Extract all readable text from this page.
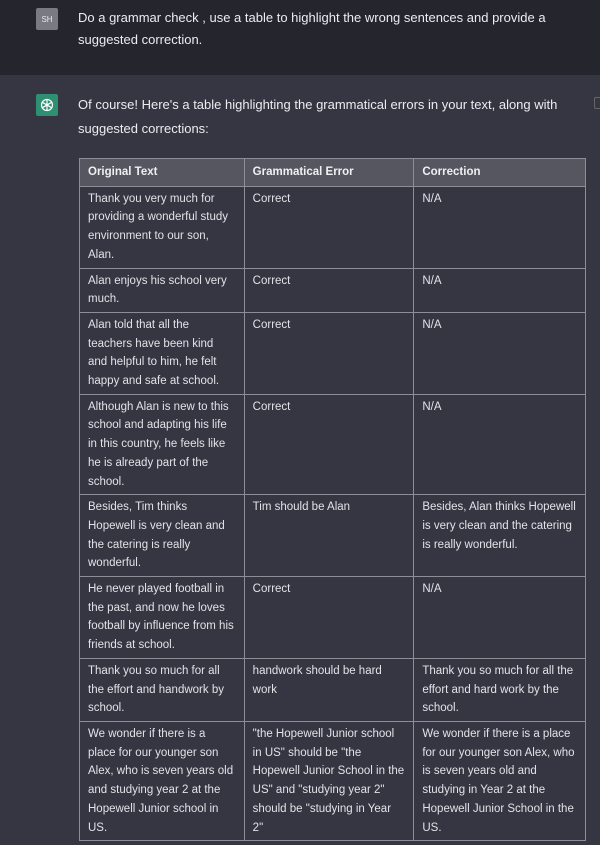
SH	Do a grammar check , use a table to highlight the wrong sentences and provide a suggested correction.
Of course! Here's a table highlighting the grammatical errors in your text, along with suggested corrections:
Original Text	Grammatical Error	Correction
Thank you very much for providing a wonderful study environment to our son, Alan.	Correct	N/A
Alan enjoys his school very much.	Correct	N/A
Alan told that all the teachers have been kind and helpful to him, he felt happy and safe at school.	Correct	N/A
Although Alan is new to this school and adapting his life in this country, he feels like he is already part of the school.	Correct	N/A
Besides, Tim thinks Hopewell is very clean and the catering is really wonderful.	Tim should be Alan	Besides, Alan thinks Hopewell is very clean and the catering is really wonderful.
He never played football in the past, and now he loves football by influence from his friends at school.	Correct	N/A
Thank you so much for all the effort and handwork by school.	handwork should be hard work	Thank you so much for all the effort and hard work by the school.
We wonder if there is a place for our younger son Alex, who is seven years old and studying year 2 at the Hopewell Junior school in US.	"the Hopewell Junior school in US" should be "the Hopewell Junior School in the US" and "studying year 2" should be "studying in Year 2"	We wonder if there is a place for our younger son Alex, who is seven years old and studying in Year 2 at the Hopewell Junior School in the US.
